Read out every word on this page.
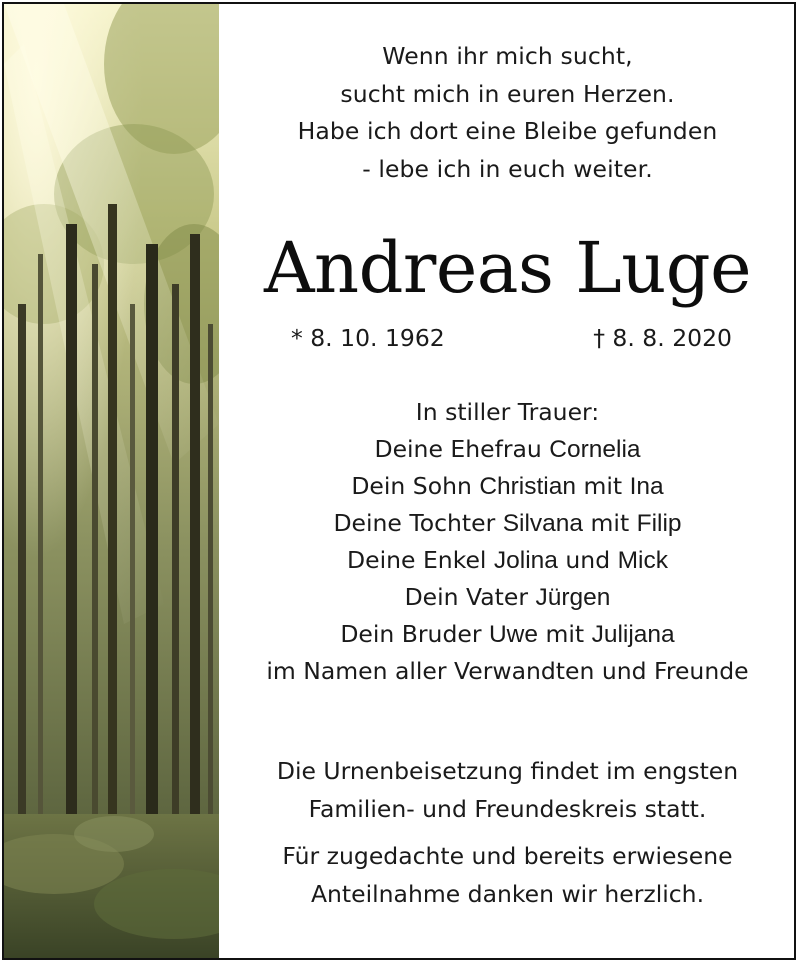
Wenn ihr mich sucht,
sucht mich in euren Herzen.
Habe ich dort eine Bleibe gefunden
- lebe ich in euch weiter.
Andreas Luge
* 8. 10. 1962	† 8. 8. 2020
In stiller Trauer:
Deine Ehefrau Cornelia
Dein Sohn Christian mit Ina
Deine Tochter Silvana mit Filip
Deine Enkel Jolina und Mick
Dein Vater Jürgen
Dein Bruder Uwe mit Julijana
im Namen aller Verwandten und Freunde
Die Urnenbeisetzung findet im engsten
Familien- und Freundeskreis statt.
Für zugedachte und bereits erwiesene
Anteilnahme danken wir herzlich.
